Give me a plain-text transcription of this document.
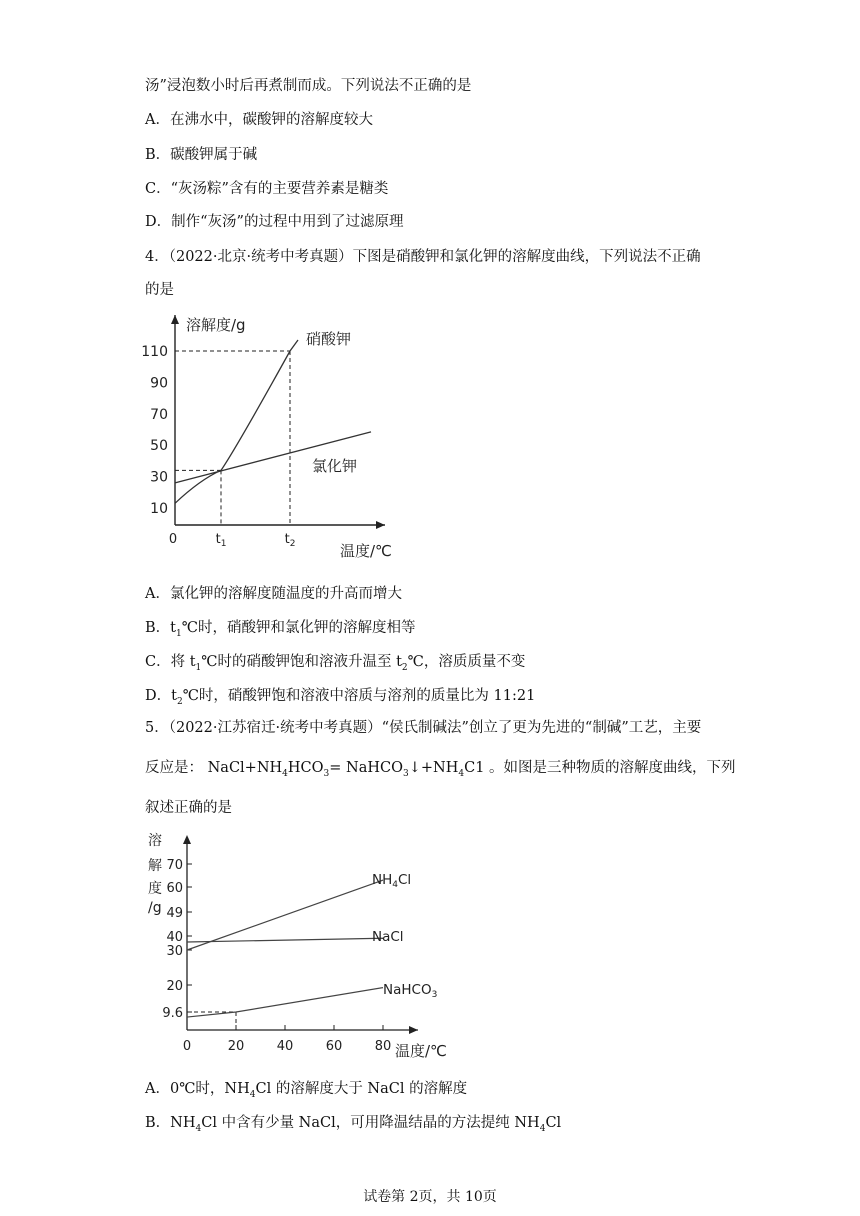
汤”浸泡数小时后再煮制而成。下列说法不正确的是
A．在沸水中，碳酸钾的溶解度较大
B．碳酸钾属于碱
C．“灰汤粽”含有的主要营养素是糖类
D．制作“灰汤”的过程中用到了过滤原理
4．（2022·北京·统考中考真题）下图是硝酸钾和氯化钾的溶解度曲线，下列说法不正确
的是
溶解度/g
温度/℃
10
30
50
70
90
110
0	$t_1$	$t_2$
硝酸钾
氯化钾
A．氯化钾的溶解度随温度的升高而增大
B．$t_1℃$时，硝酸钾和氯化钾的溶解度相等
C．将 $t_1℃$时的硝酸钾饱和溶液升温至 $t_2℃$，溶质质量不变
D．$t_2℃$时，硝酸钾饱和溶液中溶质与溶剂的质量比为 11:21
5．（2022·江苏宿迁·统考中考真题）“侯氏制碱法”创立了更为先进的“制碱”工艺，主要
反应是： $NaCl+NH_4HCO_3=$ $NaHCO_3↓+NH_4C1$ 。如图是三种物质的溶解度曲线，下列
叙述正确的是
溶
解
度
/g
9.6
20
30
40
49
60
70
0	20 40 60 80 温度/℃
$NH_4Cl$
NaCl
NaHCO$_3$
A．0℃时，$NH_4Cl$ 的溶解度大于 NaCl 的溶解度
B．$NH_4Cl$ 中含有少量 NaCl，可用降温结晶的方法提纯 $NH_4Cl$
试卷第 2页，共 10页
